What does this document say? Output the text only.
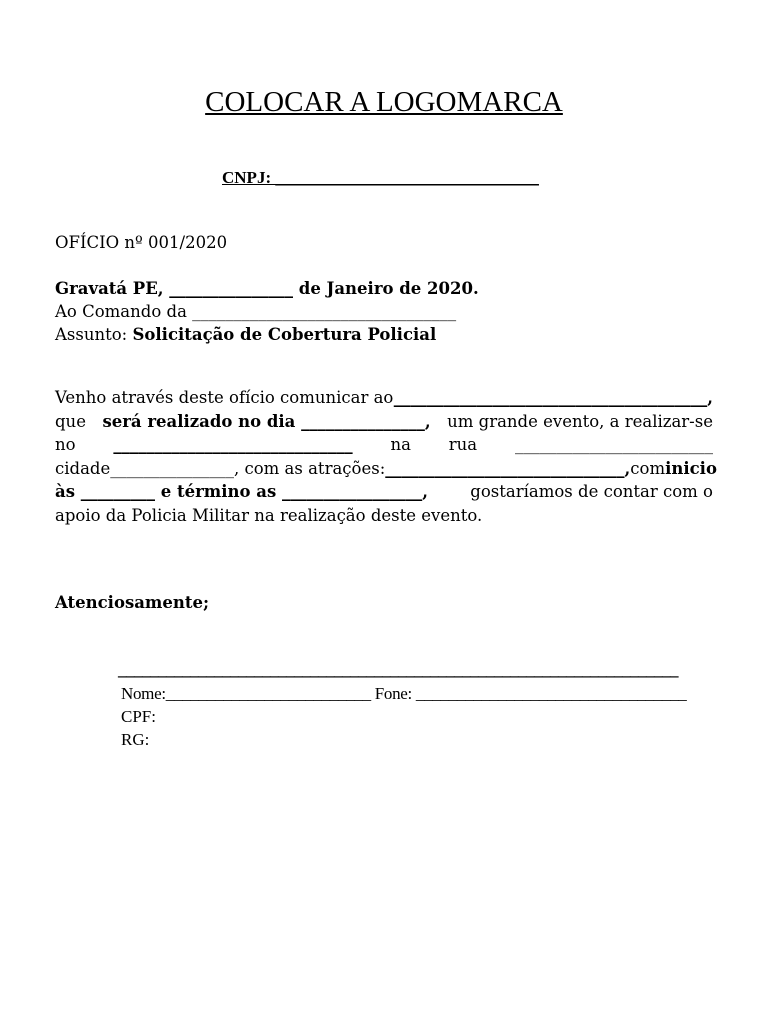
COLOCAR A LOGOMARCA
CNPJ: _______________________________
OFÍCIO nº 001/2020
Gravatá PE, _______________ de Janeiro de 2020.
Ao Comando da ________________________________
Assunto: Solicitação de Cobertura Policial
Venho através deste ofício comunicar ao ______________________________________,
que será realizado no dia _______________, um grande evento, a realizar-se
no _____________________________ na rua ________________________
cidade_______________, com as atrações: _____________________________, com inicio
às _________ e término as _________________,	gostaríamos de contar com o
apoio da Policia Militar na realização deste evento.
Atenciosamente;
______________________________________________________________________
Nome:_________________________ Fone: _________________________________
CPF:
RG:
